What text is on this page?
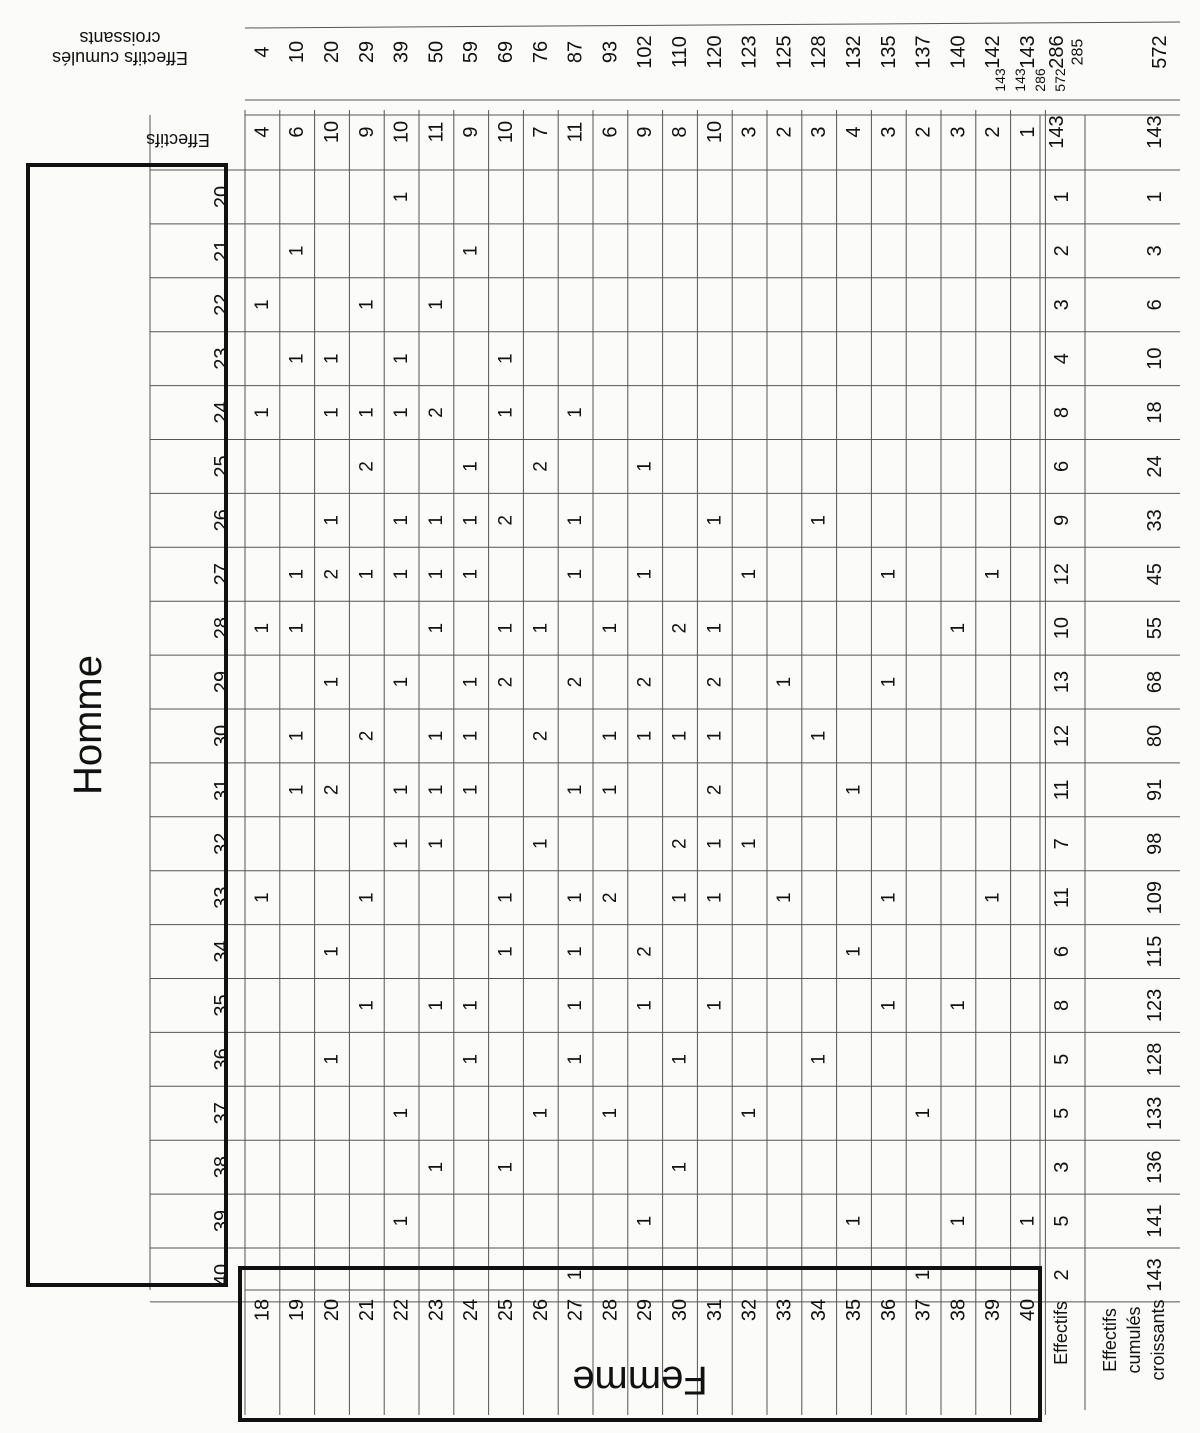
Homme
Femme
20
21
22
23
24
25
26
27
28
29
30
31
32
33
34
35
36
37
38
39
40
18 19 20 21 22 23 24 25 26 27 28 29 30 31 32 33 34 35 36 37 38 39 40
1
1
1
1
1
1
1
1
1
1
1
1
1
2
1
2
1
1
1
1
2
1
2
1
1
1
1
1
1
1
1
1
1
1
1
1
2
1
1
1
1
1
1
1
1
1
1
1
1
1
1
1
1
1
1
1
2
1
2
1
1
1
2
1
2
1
1
1
1
1
2
1
1
1
1
1
1
1
1
1
2
1
1
1
2
1
2
1
1
2
1
2
1
1
1
1
1
2
1
2
1
1
1
1
1
1
1
1
1
1
1
1
1
1
1
1
1
1
1
1
1
1
1
1
1
1
4 6 10 9 10 11 9 10 7 11 6 9 8 10 3 2 3 4 3 2 3 2 1 143
4 10 20 29 39 50 59 69 76 87 93 102 110 120 123 125 128 132 135 137 140 142 143 286 285	572
1
2
3
4
8
6
9
12
10
13
12
11
7
11
6
8
5
5
3
5
2
143
1
3
6
10
18
24
33
45
55
68
80
91
98
109
115
123
128
133
136
141
143
143 143 286 572
Effectifs Effectifs cumulés croissants
Effectifs cumulés
croissants
Effectifs
